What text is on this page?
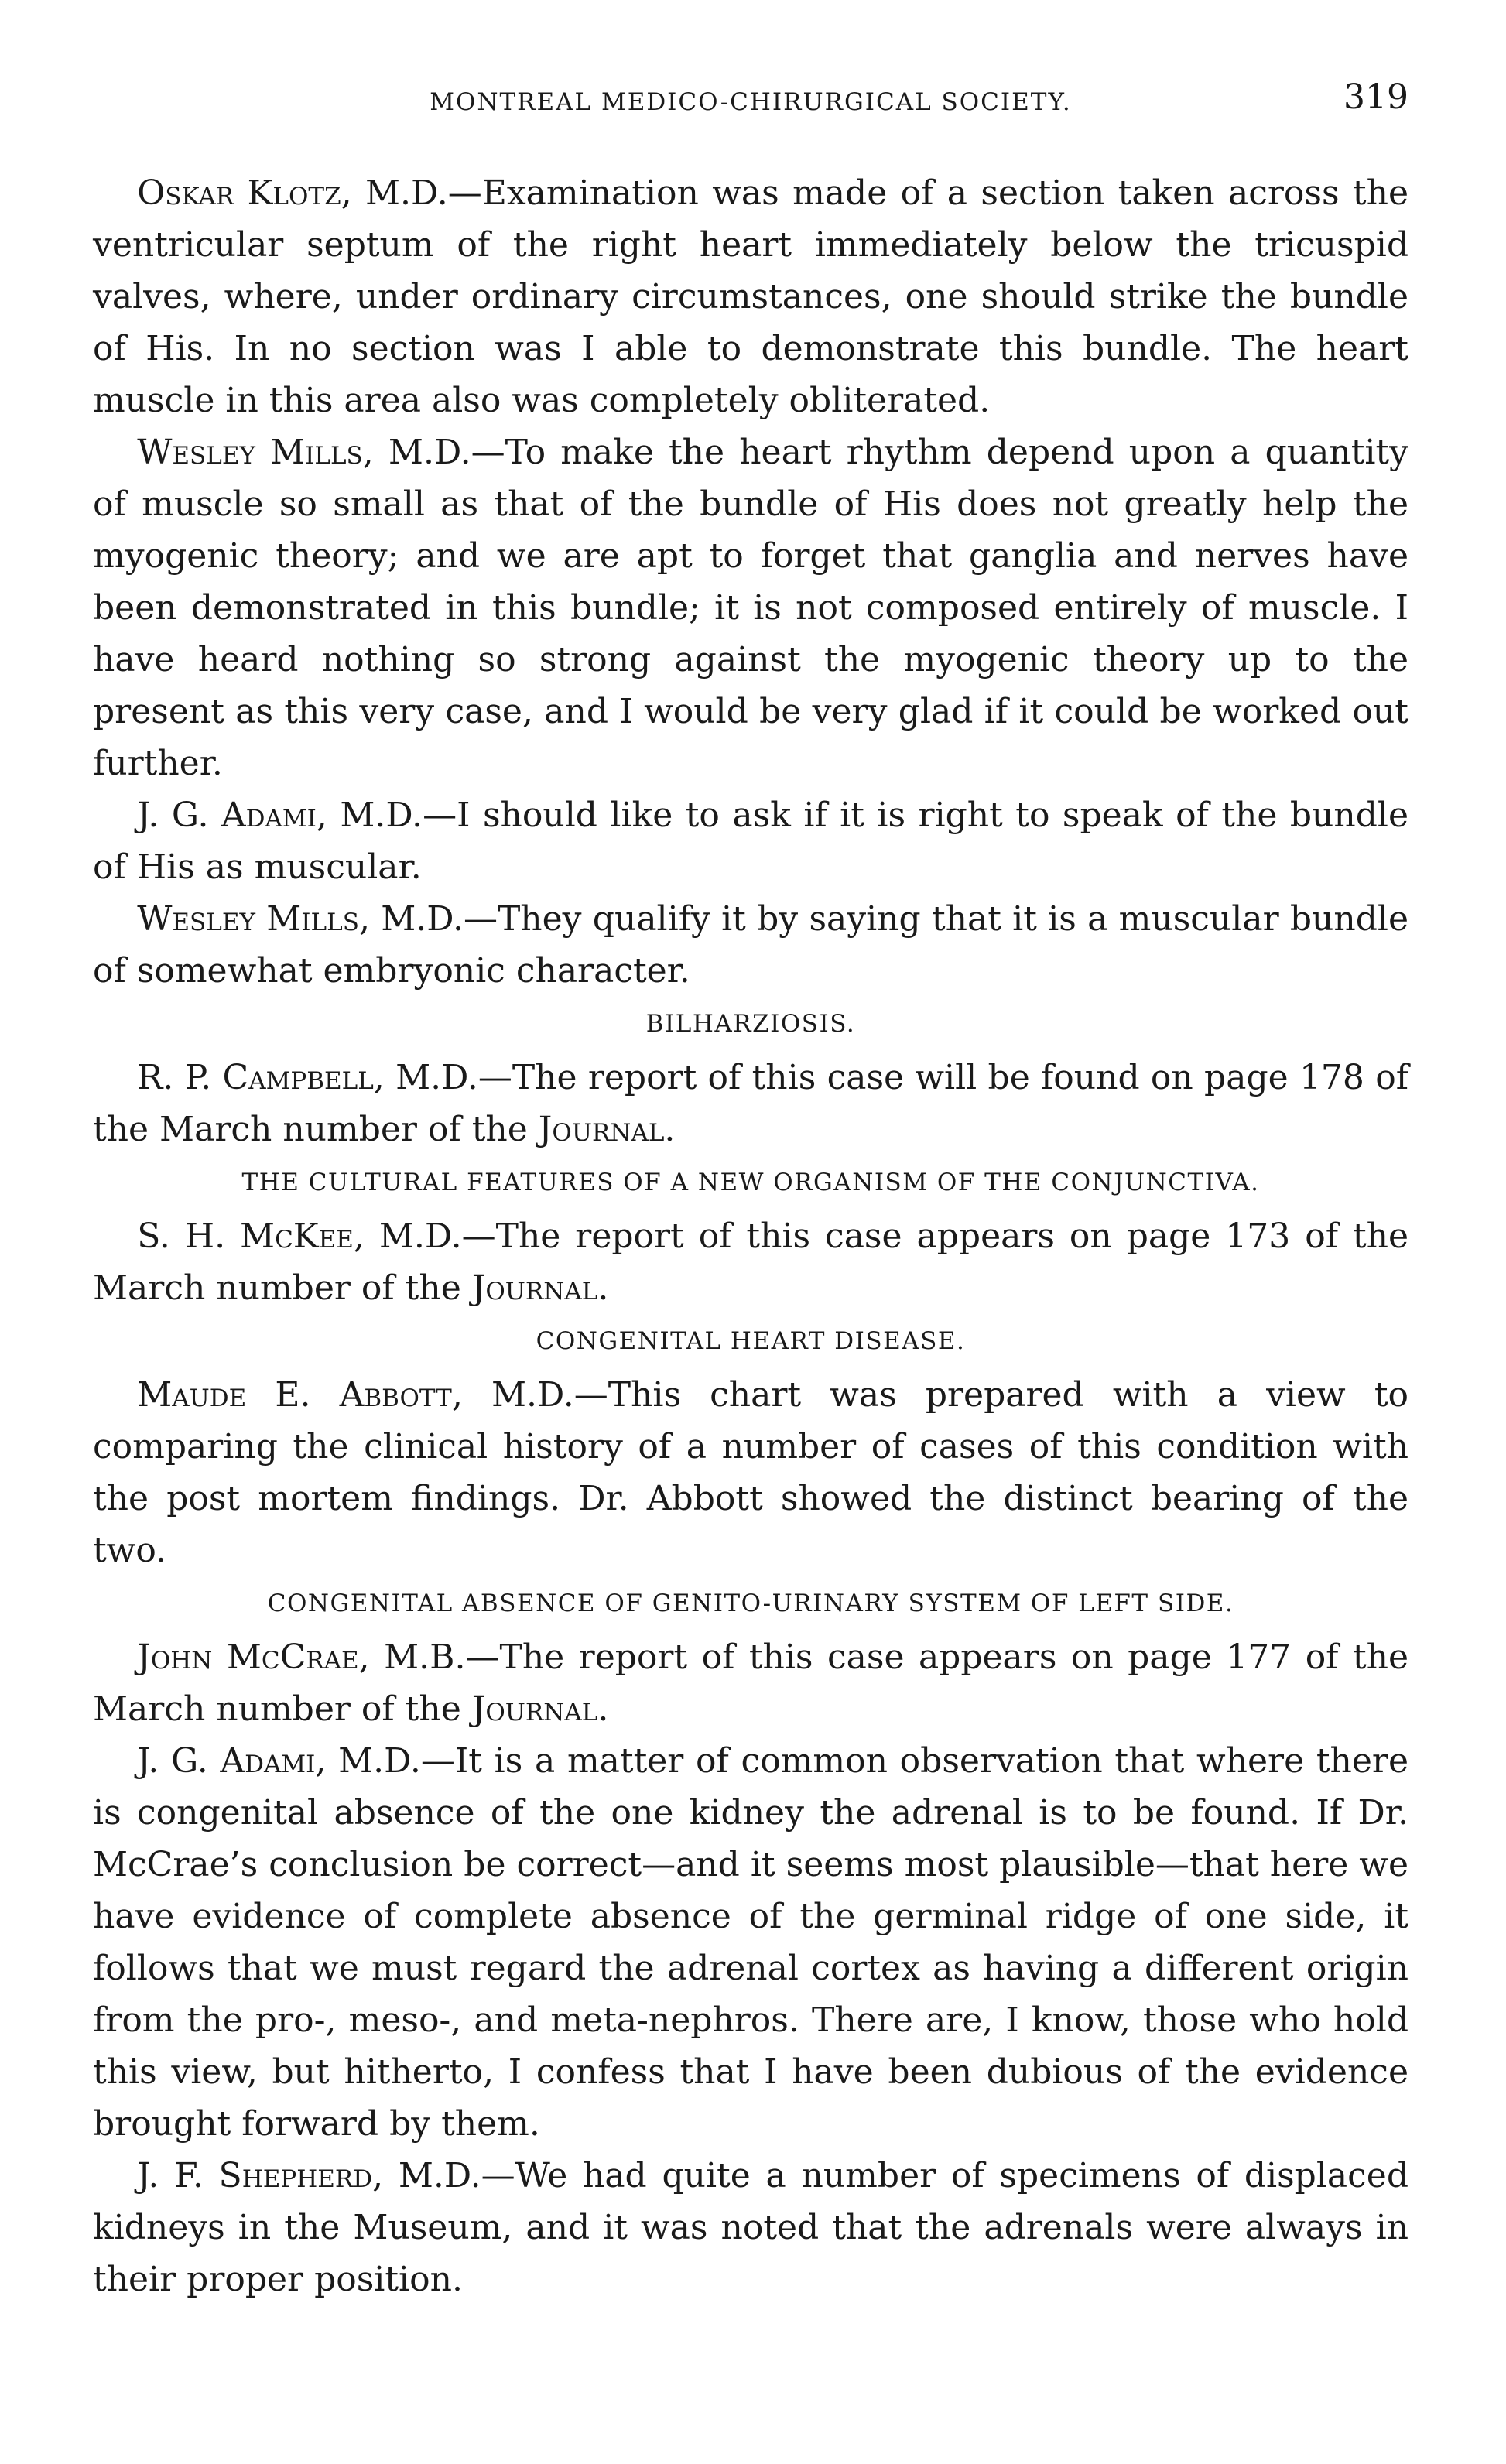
MONTREAL MEDICO-CHIRURGICAL SOCIETY.	319

Oskar Klotz, M.D.—Examination was made of a section taken across the ventricular septum of the right heart immediately below the tricuspid valves, where, under ordinary circumstances, one should strike the bundle of His. In no section was I able to demonstrate this bundle. The heart muscle in this area also was completely obliterated.

Wesley Mills, M.D.—To make the heart rhythm depend upon a quantity of muscle so small as that of the bundle of His does not greatly help the myogenic theory; and we are apt to forget that ganglia and nerves have been demonstrated in this bundle; it is not composed entirely of muscle. I have heard nothing so strong against the myogenic theory up to the present as this very case, and I would be very glad if it could be worked out further.

J. G. Adami, M.D.—I should like to ask if it is right to speak of the bundle of His as muscular.

Wesley Mills, M.D.—They qualify it by saying that it is a muscular bundle of somewhat embryonic character.

BILHARZIOSIS.

R. P. Campbell, M.D.—The report of this case will be found on page 178 of the March number of the Journal.

THE CULTURAL FEATURES OF A NEW ORGANISM OF THE CONJUNCTIVA.

S. H. McKee, M.D.—The report of this case appears on page 173 of the March number of the Journal.

CONGENITAL HEART DISEASE.

Maude E. Abbott, M.D.—This chart was prepared with a view to comparing the clinical history of a number of cases of this condition with the post mortem findings. Dr. Abbott showed the distinct bearing of the two.

CONGENITAL ABSENCE OF GENITO-URINARY SYSTEM OF LEFT SIDE.

John McCrae, M.B.—The report of this case appears on page 177 of the March number of the Journal.

J. G. Adami, M.D.—It is a matter of common observation that where there is congenital absence of the one kidney the adrenal is to be found. If Dr. McCrae’s conclusion be correct—and it seems most plausible—that here we have evidence of complete absence of the germinal ridge of one side, it follows that we must regard the adrenal cortex as having a different origin from the pro-, meso-, and meta-nephros. There are, I know, those who hold this view, but hitherto, I confess that I have been dubious of the evidence brought forward by them.

J. F. Shepherd, M.D.—We had quite a number of specimens of displaced kidneys in the Museum, and it was noted that the adrenals were always in their proper position.
